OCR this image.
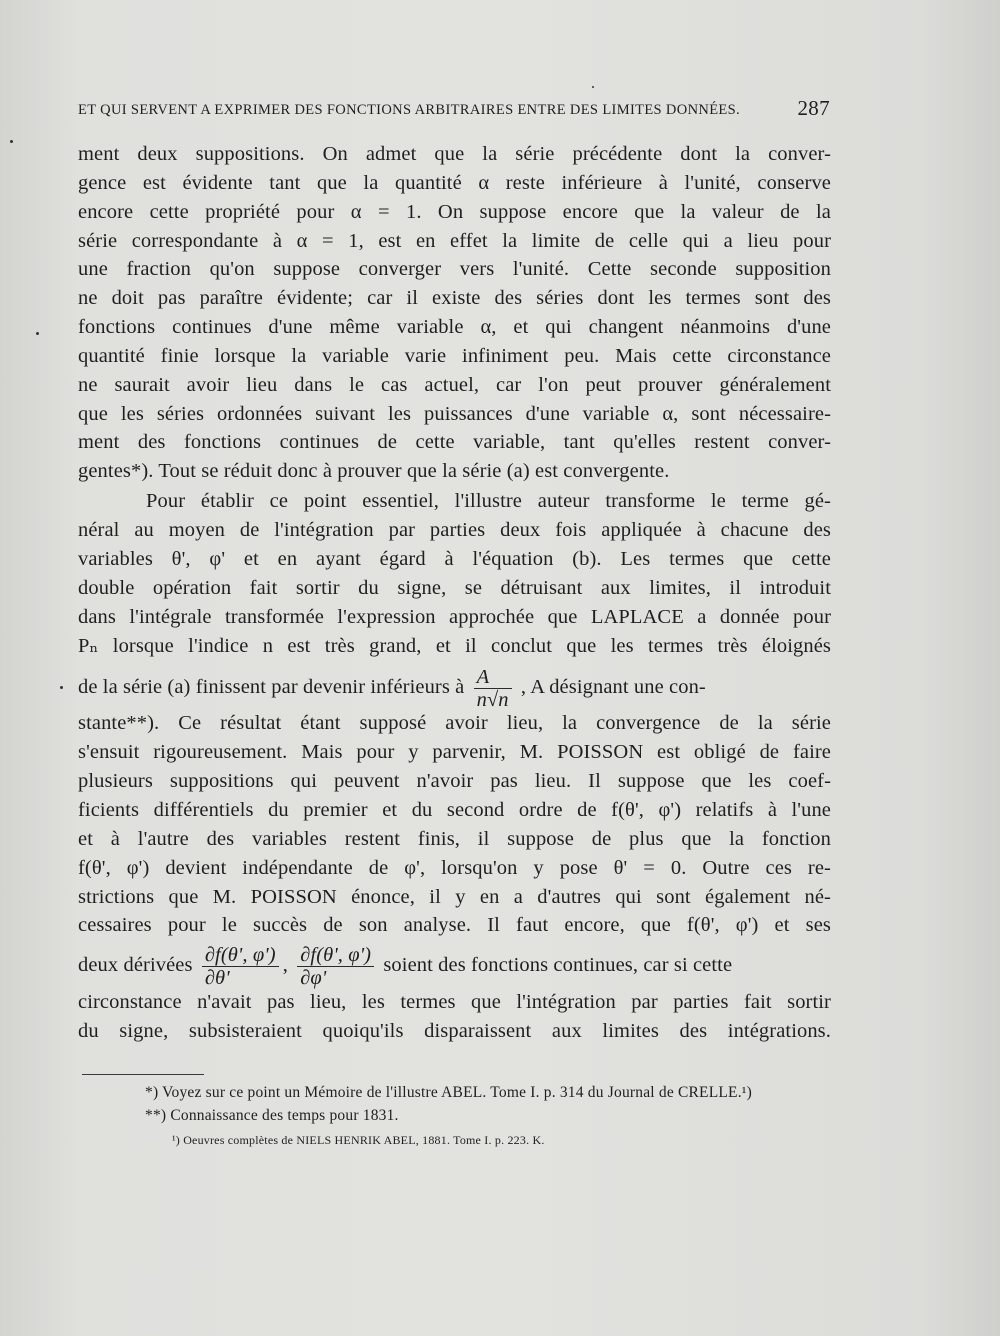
ET QUI SERVENT A EXPRIMER DES FONCTIONS ARBITRAIRES ENTRE DES LIMITES DONNÉES.	287
ment deux suppositions. On admet que la série précédente dont la conver-
gence est évidente tant que la quantité α reste inférieure à l'unité, conserve
encore cette propriété pour α = 1. On suppose encore que la valeur de la
série correspondante à α = 1, est en effet la limite de celle qui a lieu pour
une fraction qu'on suppose converger vers l'unité. Cette seconde supposition
ne doit pas paraître évidente; car il existe des séries dont les termes sont des
fonctions continues d'une même variable α, et qui changent néanmoins d'une
quantité finie lorsque la variable varie infiniment peu. Mais cette circonstance
ne saurait avoir lieu dans le cas actuel, car l'on peut prouver généralement
que les séries ordonnées suivant les puissances d'une variable α, sont nécessaire-
ment des fonctions continues de cette variable, tant qu'elles restent conver-
gentes*). Tout se réduit donc à prouver que la série (a) est convergente.
Pour établir ce point essentiel, l'illustre auteur transforme le terme gé-
néral au moyen de l'intégration par parties deux fois appliquée à chacune des
variables θ', φ' et en ayant égard à l'équation (b). Les termes que cette
double opération fait sortir du signe, se détruisant aux limites, il introduit
dans l'intégrale transformée l'expression approchée que LAPLACE a donnée pour
Pₙ lorsque l'indice n est très grand, et il conclut que les termes très éloignés
de la série (a) finissent par devenir inférieurs à $\frac{A}{n√n}$ , A désignant une con-
stante**). Ce résultat étant supposé avoir lieu, la convergence de la série
s'ensuit rigoureusement. Mais pour y parvenir, M. POISSON est obligé de faire
plusieurs suppositions qui peuvent n'avoir pas lieu. Il suppose que les coef-
ficients différentiels du premier et du second ordre de f(θ', φ') relatifs à l'une
et à l'autre des variables restent finis, il suppose de plus que la fonction
f(θ', φ') devient indépendante de φ', lorsqu'on y pose θ' = 0. Outre ces re-
strictions que M. POISSON énonce, il y en a d'autres qui sont également né-
cessaires pour le succès de son analyse. Il faut encore, que f(θ', φ') et ses
deux dérivées $\frac{\partial f(\theta', \varphi')}{\partial\theta'}$ , $\frac{\partial f(\theta', \varphi')}{\partial\varphi'}$ soient des fonctions continues, car si cette
circonstance n'avait pas lieu, les termes que l'intégration par parties fait sortir
du signe, subsisteraient quoiqu'ils disparaissent aux limites des intégrations.
*) Voyez sur ce point un Mémoire de l'illustre ABEL. Tome I. p. 314 du Journal de CRELLE.¹)
**) Connaissance des temps pour 1831.
¹) Oeuvres complètes de NIELS HENRIK ABEL, 1881. Tome I. p. 223. K.
